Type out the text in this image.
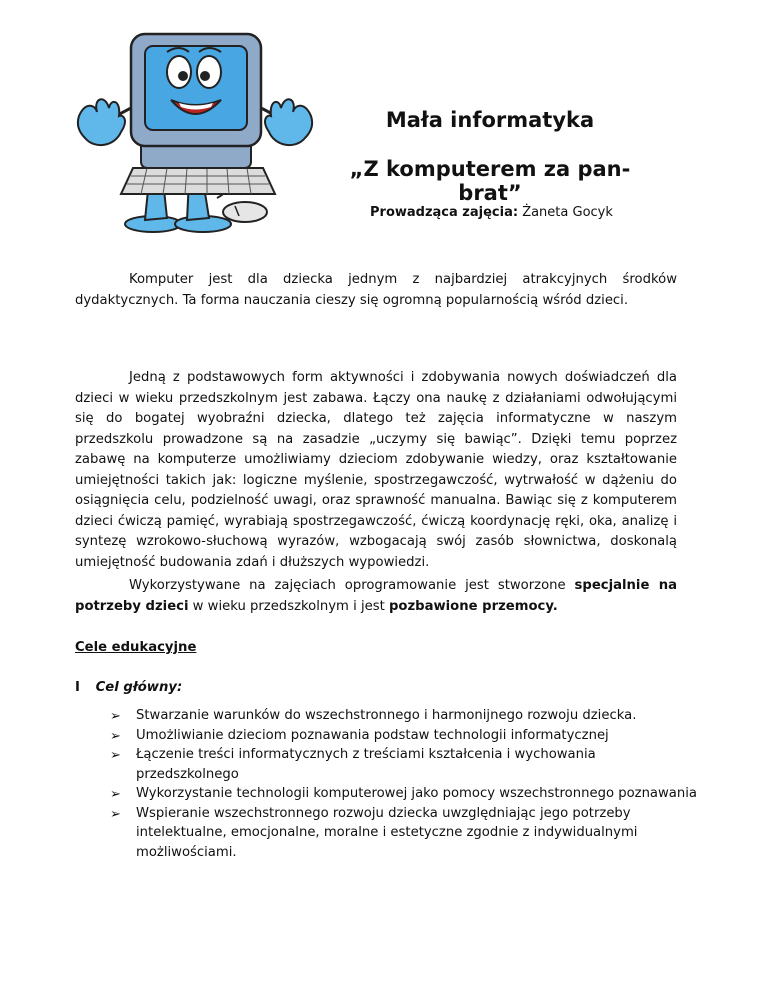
Mała informatyka
„Z komputerem za pan-brat”
Prowadząca zajęcia: Żaneta Gocyk
Komputer jest dla dziecka jednym z najbardziej atrakcyjnych środków dydaktycznych. Ta forma nauczania cieszy się ogromną popularnością wśród dzieci.
Jedną z podstawowych form aktywności i zdobywania nowych doświadczeń dla dzieci w wieku przedszkolnym jest zabawa. Łączy ona naukę z działaniami odwołującymi się do bogatej wyobraźni dziecka, dlatego też zajęcia informatyczne w naszym przedszkolu prowadzone są na zasadzie „uczymy się bawiąc”. Dzięki temu poprzez zabawę na komputerze umożliwiamy dzieciom zdobywanie wiedzy, oraz kształtowanie umiejętności takich jak: logiczne myślenie, spostrzegawczość, wytrwałość w dążeniu do osiągnięcia celu, podzielność uwagi, oraz sprawność manualna. Bawiąc się z komputerem dzieci ćwiczą pamięć, wyrabiają spostrzegawczość, ćwiczą koordynację ręki, oka, analizę i syntezę wzrokowo-słuchową wyrazów, wzbogacają swój zasób słownictwa, doskonalą umiejętność budowania zdań i dłuższych wypowiedzi.
Wykorzystywane na zajęciach oprogramowanie jest stworzone specjalnie na potrzeby dzieci w wieku przedszkolnym i jest pozbawione przemocy.
Cele edukacyjne
I Cel główny:
➢ Stwarzanie warunków do wszechstronnego i harmonijnego rozwoju dziecka.
➢ Umożliwianie dzieciom poznawania podstaw technologii informatycznej
➢ Łączenie treści informatycznych z treściami kształcenia i wychowania przedszkolnego
➢ Wykorzystanie technologii komputerowej jako pomocy wszechstronnego poznawania
➢ Wspieranie wszechstronnego rozwoju dziecka uwzględniając jego potrzeby intelektualne, emocjonalne, moralne i estetyczne zgodnie z indywidualnymi możliwościami.
